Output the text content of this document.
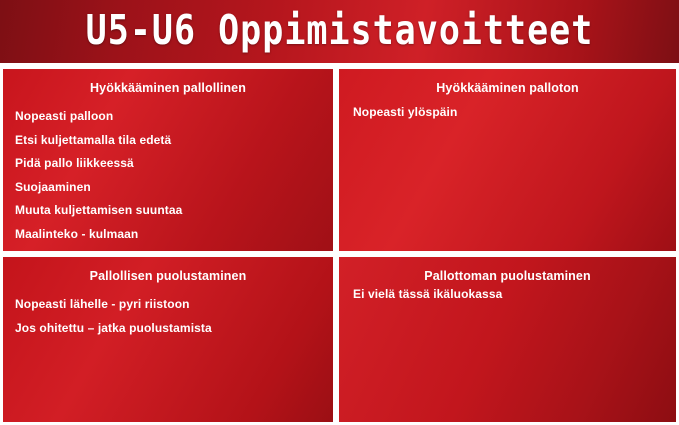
U5-U6 Oppimistavoitteet
Hyökkääminen pallollinen
Nopeasti palloon
Etsi kuljettamalla tila edetä
Pidä pallo liikkeessä
Suojaaminen
Muuta kuljettamisen suuntaa
Maalinteko - kulmaan
Hyökkääminen palloton
Nopeasti ylöspäin
Pallollisen puolustaminen
Nopeasti lähelle - pyri riistoon
Jos ohitettu – jatka puolustamista
Pallottoman puolustaminen
Ei vielä tässä ikäluokassa
